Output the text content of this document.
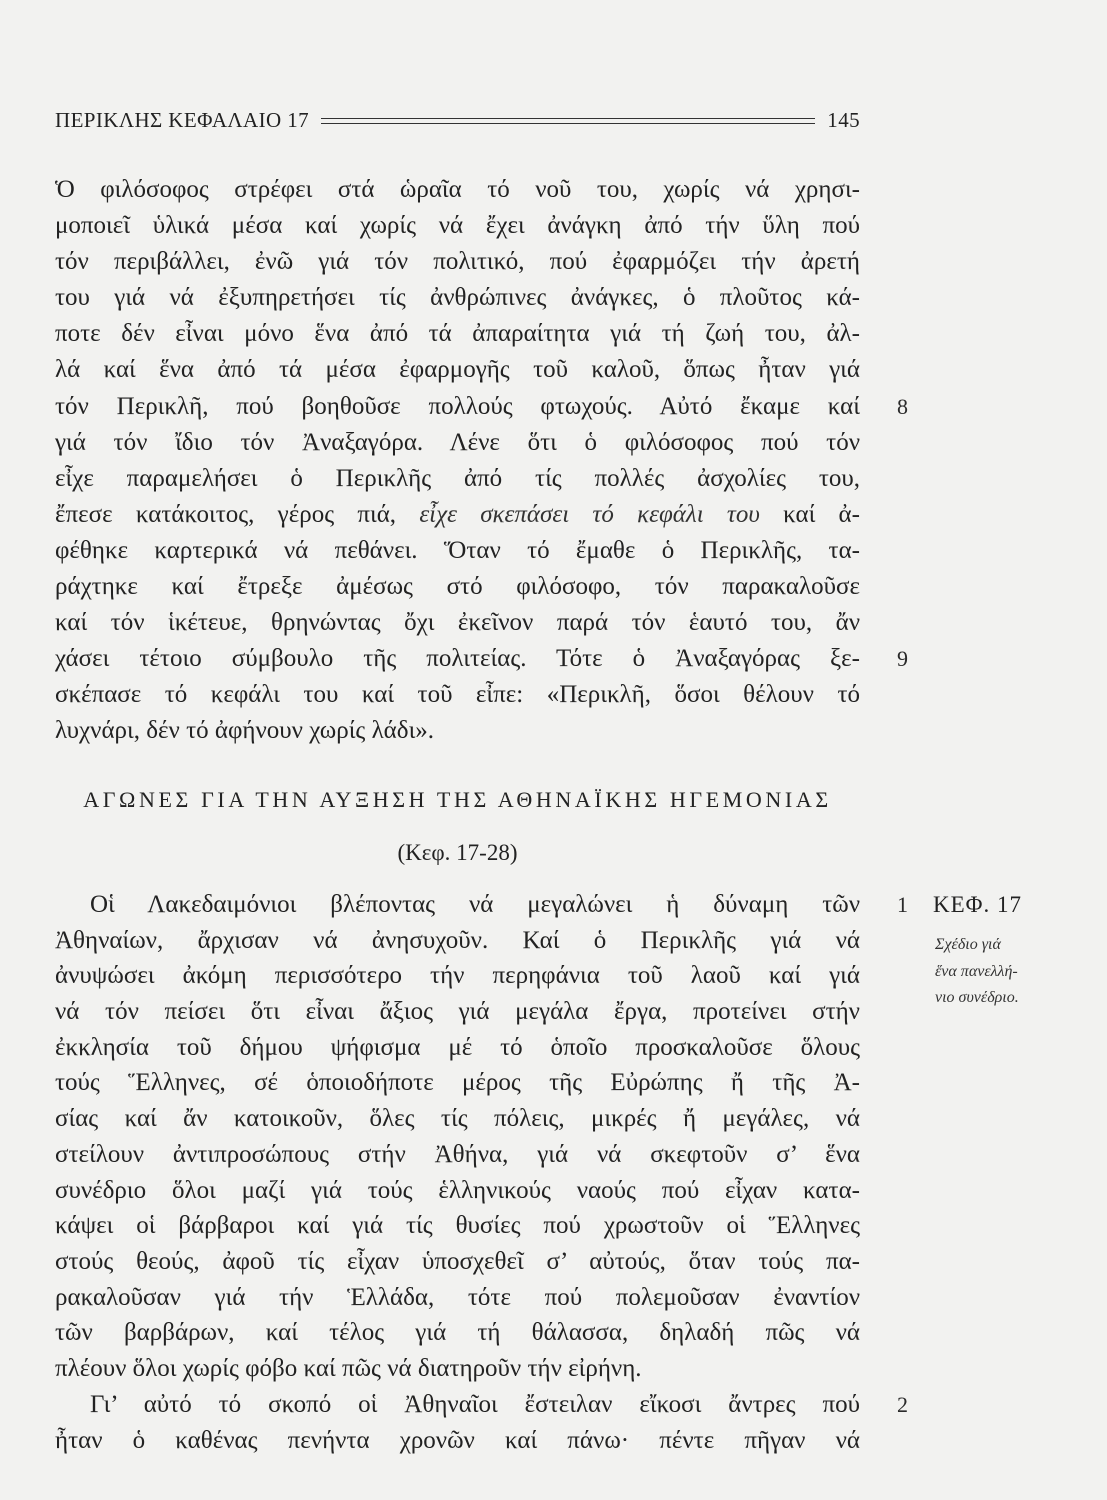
ΠΕΡΙΚΛΗΣ ΚΕΦΑΛΑΙΟ 17	145
Ὁ φιλόσοφος στρέφει στά ὡραῖα τό νοῦ του, χωρίς νά χρησι-
μοποιεῖ ὑλικά μέσα καί χωρίς νά ἔχει ἀνάγκη ἀπό τήν ὕλη πού
τόν περιβάλλει, ἐνῶ γιά τόν πολιτικό, πού ἐφαρμόζει τήν ἀρετή
του γιά νά ἐξυπηρετήσει τίς ἀνθρώπινες ἀνάγκες, ὁ πλοῦτος κά-
ποτε δέν εἶναι μόνο ἕνα ἀπό τά ἀπαραίτητα γιά τή ζωή του, ἀλ-
λά καί ἕνα ἀπό τά μέσα ἐφαρμογῆς τοῦ καλοῦ, ὅπως ἦταν γιά
τόν Περικλῆ, πού βοηθοῦσε πολλούς φτωχούς. Αὐτό ἔκαμε καί 8
γιά τόν ἴδιο τόν Ἀναξαγόρα. Λένε ὅτι ὁ φιλόσοφος πού τόν
εἶχε παραμελήσει ὁ Περικλῆς ἀπό τίς πολλές ἀσχολίες του,
ἔπεσε κατάκοιτος, γέρος πιά, εἶχε σκεπάσει τό κεφάλι του καί ἀ-
φέθηκε καρτερικά νά πεθάνει. Ὅταν τό ἔμαθε ὁ Περικλῆς, τα-
ράχτηκε καί ἔτρεξε ἀμέσως στό φιλόσοφο, τόν παρακαλοῦσε
καί τόν ἱκέτευε, θρηνώντας ὄχι ἐκεῖνον παρά τόν ἑαυτό του, ἄν
χάσει τέτοιο σύμβουλο τῆς πολιτείας. Τότε ὁ Ἀναξαγόρας ξε- 9
σκέπασε τό κεφάλι του καί τοῦ εἶπε: «Περικλῆ, ὅσοι θέλουν τό
λυχνάρι, δέν τό ἀφήνουν χωρίς λάδι».
ΑΓΩΝΕΣ ΓΙΑ ΤΗΝ ΑΥΞΗΣΗ ΤΗΣ ΑΘΗΝΑΪΚΗΣ ΗΓΕΜΟΝΙΑΣ
(Κεφ. 17-28)
Οἱ Λακεδαιμόνιοι βλέποντας νά μεγαλώνει ἡ δύναμη τῶν 1
Ἀθηναίων, ἄρχισαν νά ἀνησυχοῦν. Καί ὁ Περικλῆς γιά νά
ἀνυψώσει ἀκόμη περισσότερο τήν περηφάνια τοῦ λαοῦ καί γιά
νά τόν πείσει ὅτι εἶναι ἄξιος γιά μεγάλα ἔργα, προτείνει στήν
ἐκκλησία τοῦ δήμου ψήφισμα μέ τό ὁποῖο προσκαλοῦσε ὅλους
τούς Ἕλληνες, σέ ὁποιοδήποτε μέρος τῆς Εὐρώπης ἤ τῆς Ἀ-
σίας καί ἄν κατοικοῦν, ὅλες τίς πόλεις, μικρές ἤ μεγάλες, νά
στείλουν ἀντιπροσώπους στήν Ἀθήνα, γιά νά σκεφτοῦν σ’ ἕνα
συνέδριο ὅλοι μαζί γιά τούς ἑλληνικούς ναούς πού εἶχαν κατα-
κάψει οἱ βάρβαροι καί γιά τίς θυσίες πού χρωστοῦν οἱ Ἕλληνες
στούς θεούς, ἀφοῦ τίς εἶχαν ὑποσχεθεῖ σ’ αὐτούς, ὅταν τούς πα-
ρακαλοῦσαν γιά τήν Ἑλλάδα, τότε πού πολεμοῦσαν ἐναντίον
τῶν βαρβάρων, καί τέλος γιά τή θάλασσα, δηλαδή πῶς νά
πλέουν ὅλοι χωρίς φόβο καί πῶς νά διατηροῦν τήν εἰρήνη.
Γι’ αὐτό τό σκοπό οἱ Ἀθηναῖοι ἔστειλαν εἴκοσι ἄντρες πού 2
ἦταν ὁ καθένας πενήντα χρονῶν καί πάνω· πέντε πῆγαν νά
ΚΕΦ. 17
Σχέδιο γιά
ἕνα πανελλή-
νιο συνέδριο.
